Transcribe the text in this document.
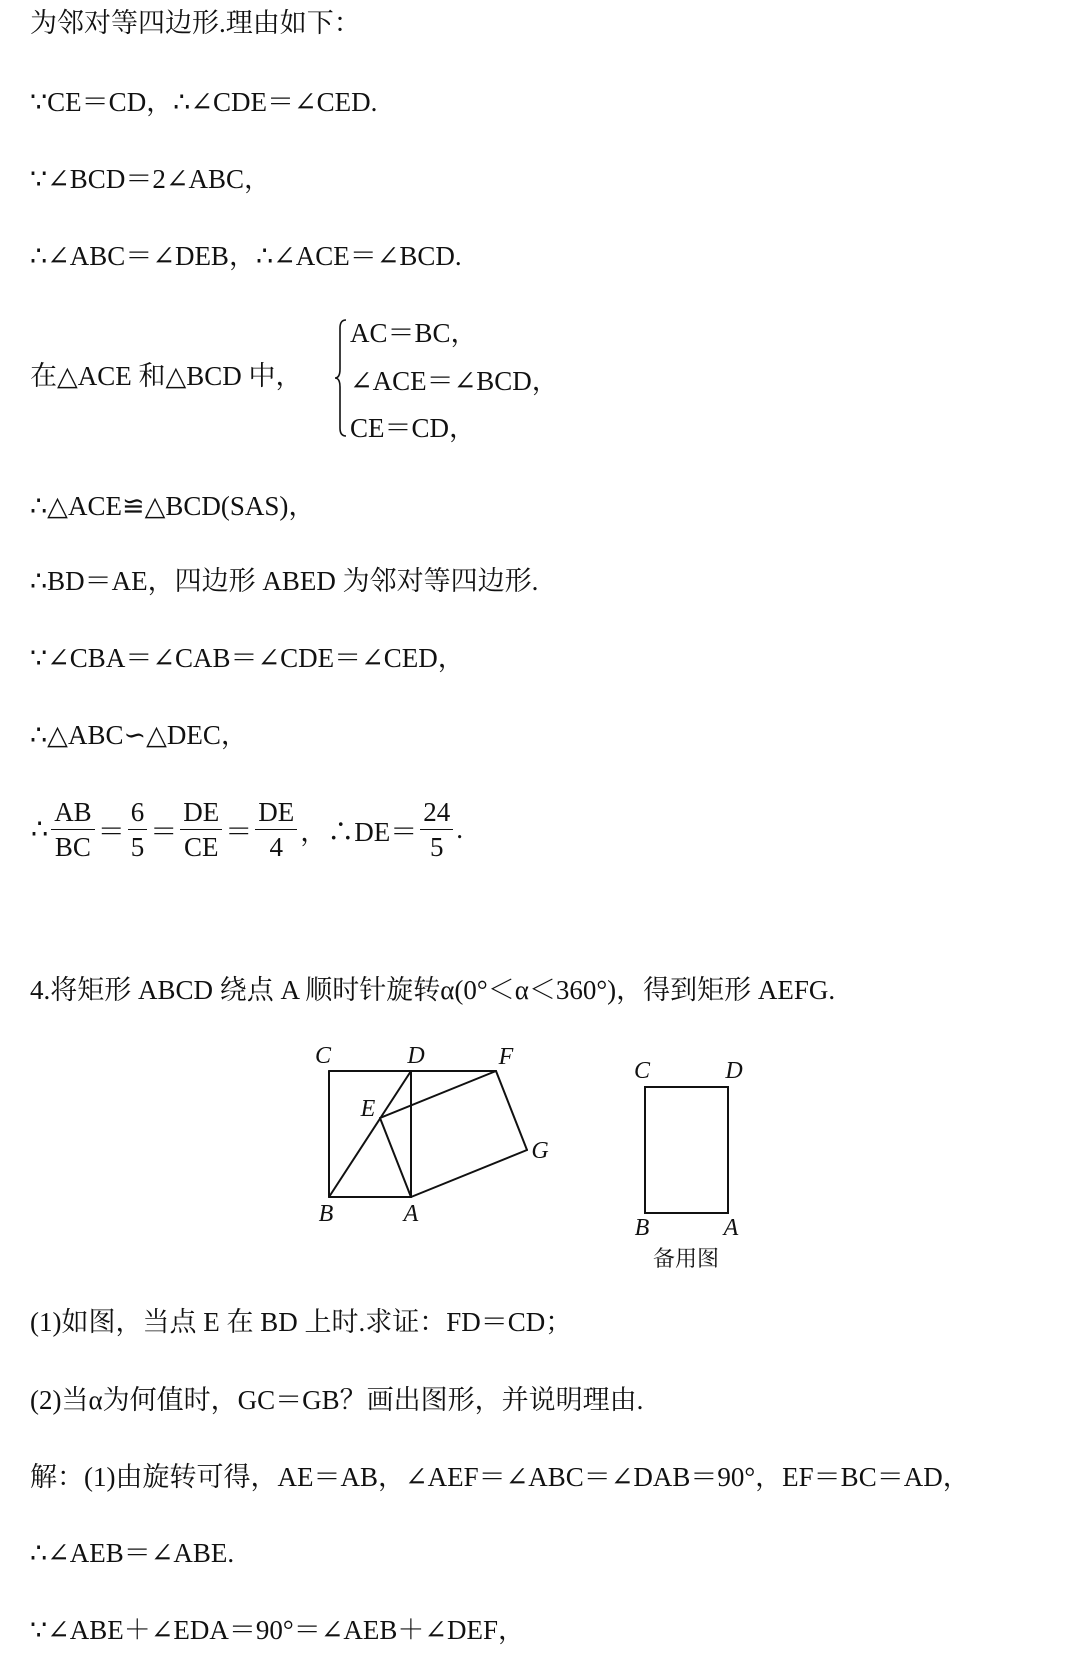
为邻对等四边形.理由如下：
∵CE＝CD，∴∠CDE＝∠CED.
∵∠BCD＝2∠ABC，
∴∠ABC＝∠DEB，∴∠ACE＝∠BCD.
在△ACE 和△BCD 中，
AC＝BC，
∠ACE＝∠BCD，
CE＝CD，
∴△ACE≌△BCD(SAS)，
∴BD＝AE，四边形 ABED 为邻对等四边形.
∵∠CBA＝∠CAB＝∠CDE＝∠CED，
∴△ABC∽△DEC，
∴ $\frac{AB}{BC} = \frac{6}{5} = \frac{DE}{CE} = \frac{DE}{4}$ ，∴DE＝ $\frac{24}{5}$ .
4.将矩形 ABCD 绕点 A 顺时针旋转α(0°＜α＜360°)，得到矩形 AEFG.
C	D	F
E
G
B	A
C	D
B	A
备用图
(1)如图，当点 E 在 BD 上时.求证：FD＝CD；
(2)当α为何值时，GC＝GB？画出图形，并说明理由.
解：(1)由旋转可得，AE＝AB，∠AEF＝∠ABC＝∠DAB＝90°，EF＝BC＝AD，
∴∠AEB＝∠ABE.
∵∠ABE＋∠EDA＝90°＝∠AEB＋∠DEF，
